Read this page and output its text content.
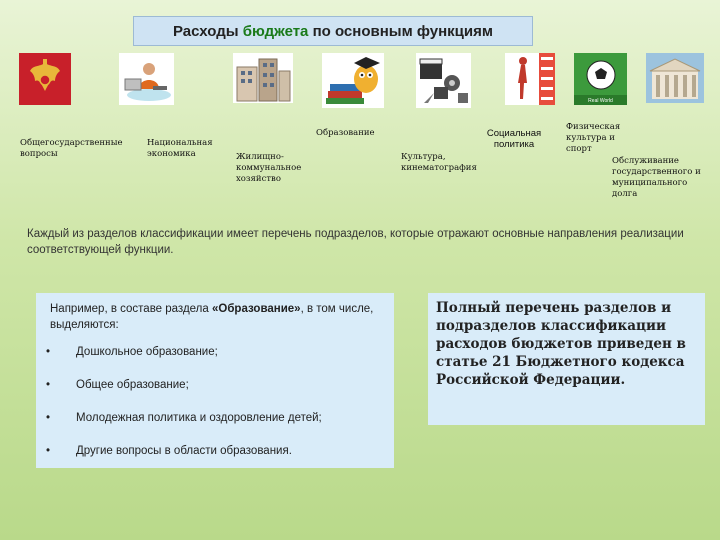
Расходы бюджета по основным функциям
Real World
Общегосударственные вопросы
Национальная экономика	Жилищно-коммунальное хозяйство
Образование
Культура, кинематография
Социальная политика
Физическая культура и спорт
Обслуживание государственного и муниципального долга
Каждый из разделов классификации имеет перечень подразделов, которые отражают основные направления реализации соответствующей функции.

Например, в составе раздела «Образование», в том числе, выделяются:

•	Дошкольное образование;
•	Общее образование;
•	Молодежная политика и оздоровление детей;
•	Другие вопросы в области образования.
Полный перечень разделов и подразделов классификации расходов бюджетов приведен в статье 21 Бюджетного кодекса Российской Федерации.
